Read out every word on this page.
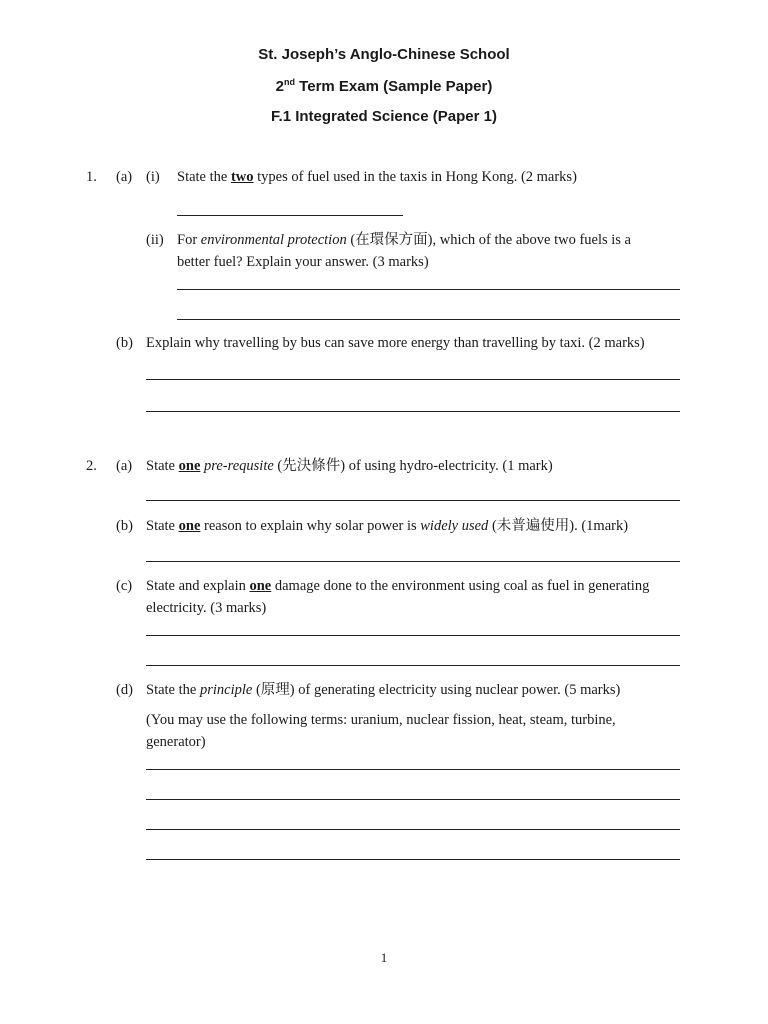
St. Joseph’s Anglo-Chinese School
2nd Term Exam (Sample Paper)
F.1 Integrated Science (Paper 1)
1. (a) (i) State the two types of fuel used in the taxis in Hong Kong. (2 marks)
(ii) For environmental protection (在環保方面), which of the above two fuels is a
better fuel? Explain your answer. (3 marks)
(b) Explain why travelling by bus can save more energy than travelling by taxi. (2 marks)
2. (a) State one pre-requsite (先決條件) of using hydro-electricity. (1 mark)
(b) State one reason to explain why solar power is widely used (未普遍使用). (1mark)
(c) State and explain one damage done to the environment using coal as fuel in generating
electricity. (3 marks)
(d) State the principle (原理) of generating electricity using nuclear power. (5 marks)
(You may use the following terms: uranium, nuclear fission, heat, steam, turbine,
generator)
1
